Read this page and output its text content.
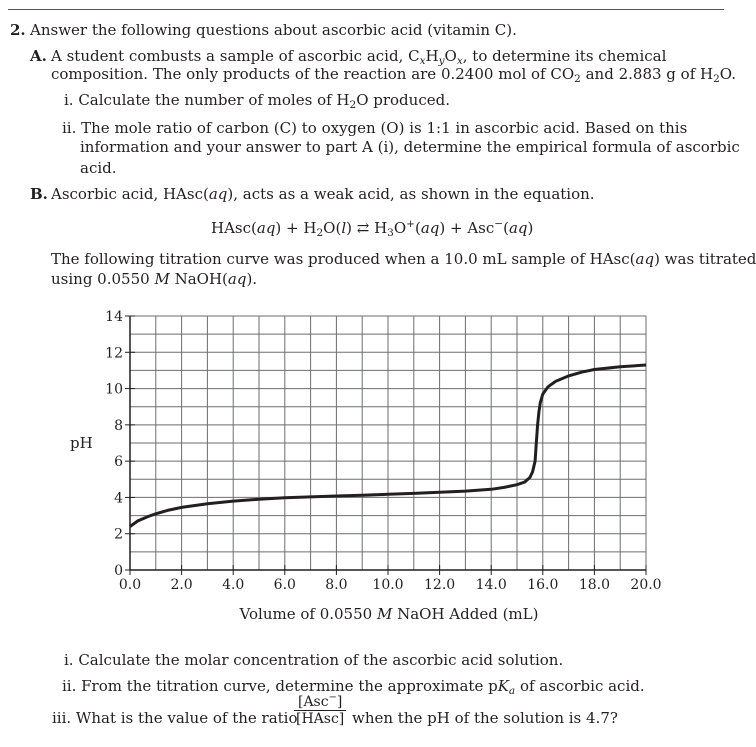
2. Answer the following questions about ascorbic acid (vitamin C).
A. A student combusts a sample of ascorbic acid, $C_xH_yO_x$, to determine its chemical
composition. The only products of the reaction are 0.2400 mol of $CO_2$ and 2.883 g of $H_2O$.
i. Calculate the number of moles of $H_2O$ produced.
ii. The mole ratio of carbon (C) to oxygen (O) is 1:1 in ascorbic acid. Based on this
information and your answer to part A (i), determine the empirical formula of ascorbic
acid.
B. Ascorbic acid, HAsc(aq), acts as a weak acid, as shown in the equation.
HAsc(aq) + $H_2O(l)$ ⇄ $H_3O^+(aq) + Asc^-(aq)$
The following titration curve was produced when a 10.0 mL sample of HAsc(aq) was titrated
using 0.0550 M NaOH(aq).
0.0 2.0 4.0 6.0 8.0 10.0 12.0 14.0 16.0 18.0 20.0
0
2
4
6
8
10
12
14
pH
Volume of 0.0550 M NaOH Added (mL)
i. Calculate the molar concentration of the ascorbic acid solution.
ii. From the titration curve, determine the approximate $pK_a$ of ascorbic acid.
iii. What is the value of the ratio
[Asc−]
[HAsc] when the pH of the solution is 4.7?
